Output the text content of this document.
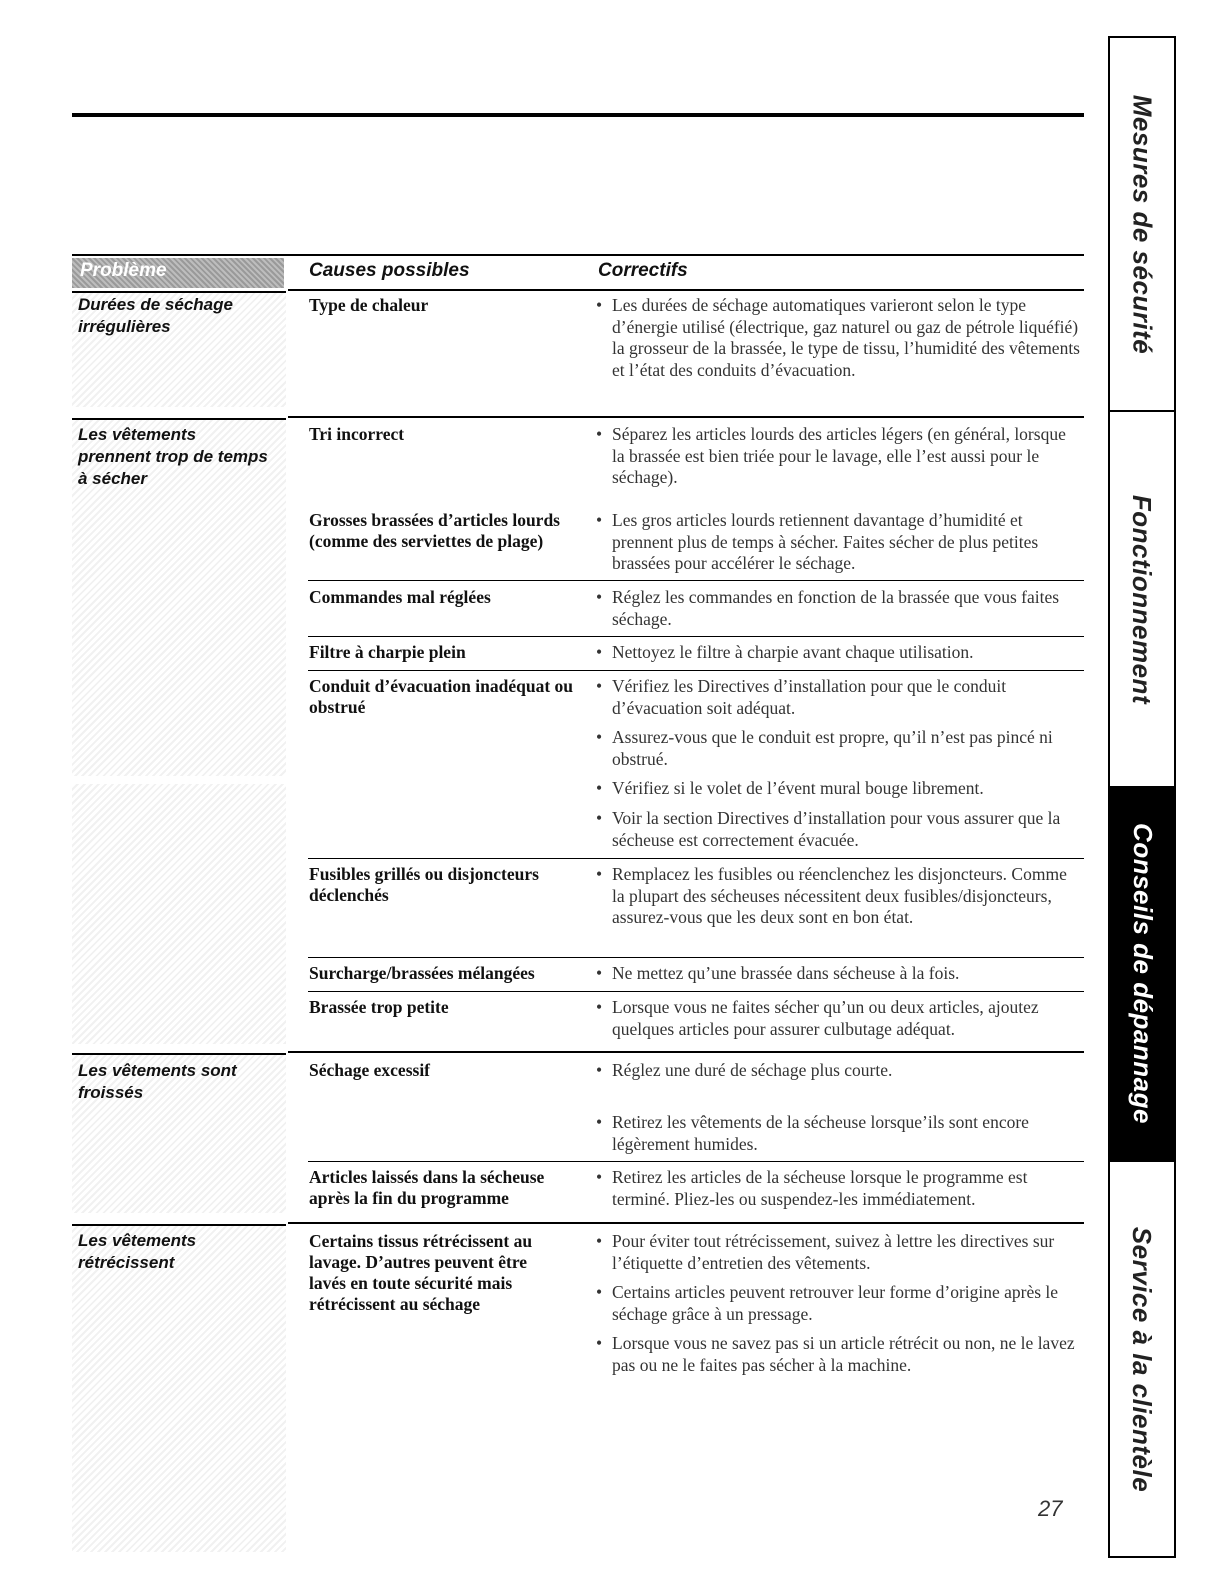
Problème	Causes possibles	Correctifs
Durées de séchage irrégulières
Les vêtements prennent trop de temps à sécher
Les vêtements sont froissés
Les vêtements rétrécissent
Type de chaleur
Tri incorrect
Grosses brassées d’articles lourds (comme des serviettes de plage)
Commandes mal réglées
Filtre à charpie plein
Conduit d’évacuation inadéquat ou obstrué
Fusibles grillés ou disjoncteurs déclenchés
Surcharge/brassées mélangées
Brassée trop petite
Séchage excessif
Articles laissés dans la sécheuse après la fin du programme
Certains tissus rétrécissent au lavage. D’autres peuvent être lavés en toute sécurité mais rétrécissent au séchage
• Les durées de séchage automatiques varieront selon le type d’énergie utilisé (électrique, gaz naturel ou gaz de pétrole liquéfié) la grosseur de la brassée, le type de tissu, l’humidité des vêtements et l’état des conduits d’évacuation.
• Séparez les articles lourds des articles légers (en général, lorsque la brassée est bien triée pour le lavage, elle l’est aussi pour le séchage).
• Les gros articles lourds retiennent davantage d’humidité et prennent plus de temps à sécher. Faites sécher de plus petites brassées pour accélérer le séchage.
• Réglez les commandes en fonction de la brassée que vous faites séchage.
• Nettoyez le filtre à charpie avant chaque utilisation.
• Vérifiez les Directives d’installation pour que le conduit d’évacuation soit adéquat.
• Assurez-vous que le conduit est propre, qu’il n’est pas pincé ni obstrué.
• Vérifiez si le volet de l’évent mural bouge librement.
• Voir la section Directives d’installation pour vous assurer que la sécheuse est correctement évacuée.
• Remplacez les fusibles ou réenclenchez les disjoncteurs. Comme la plupart des sécheuses nécessitent deux fusibles/disjoncteurs, assurez-vous que les deux sont en bon état.
• Ne mettez qu’une brassée dans sécheuse à la fois.
• Lorsque vous ne faites sécher qu’un ou deux articles, ajoutez quelques articles pour assurer culbutage adéquat.
• Réglez une duré de séchage plus courte.
• Retirez les vêtements de la sécheuse lorsque’ils sont encore légèrement humides.
• Retirez les articles de la sécheuse lorsque le programme est terminé. Pliez-les ou suspendez-les immédiatement.
• Pour éviter tout rétrécissement, suivez à lettre les directives sur l’étiquette d’entretien des vêtements.
• Certains articles peuvent retrouver leur forme d’origine après le séchage grâce à un pressage.
• Lorsque vous ne savez pas si un article rétrécit ou non, ne le lavez pas ou ne le faites pas sécher à la machine.
Mesures de sécurité
Fonctionnement
Conseils de dépannage
Service à la clientèle
27
